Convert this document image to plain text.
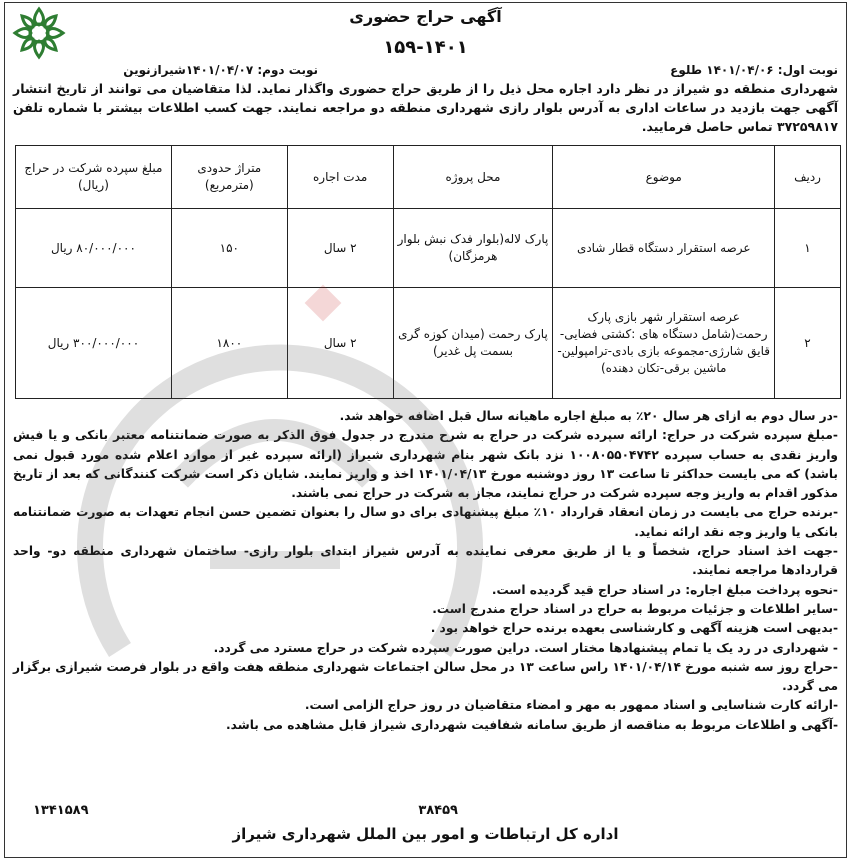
آگهی حراج حضوری
۱۵۹-۱۴۰۱
نوبت اول: ۱۴۰۱/۰۴/۰۶ طلوع
نوبت دوم: ۱۴۰۱/۰۴/۰۷شیرازنوین
شهرداری منطقه دو شیراز در نظر دارد اجاره محل ذیل را از طریق حراج حضوری واگذار نماید. لذا متقاضیان می توانند از تاریخ انتشار آگهی جهت بازدید در ساعات اداری به آدرس بلوار رازی شهرداری منطقه دو مراجعه نمایند. جهت کسب اطلاعات بیشتر با شماره تلفن ۳۷۲۵۹۸۱۷ تماس حاصل فرمایید.
ردیف	موضوع	محل پروژه	مدت اجاره	متراژ حدودی (مترمربع)	مبلغ سپرده شرکت در حراج (ریال)
۱	عرصه استقرار دستگاه قطار شادی	پارک لاله(بلوار فدک نبش بلوار هرمزگان)	۲ سال	۱۵۰	۸۰/۰۰۰/۰۰۰ ریال
۲	عرصه استقرار شهر بازی پارک رحمت(شامل دستگاه های :کشتی فضایی-قایق شارژی-مجموعه بازی بادی-ترامپولین-ماشین برقی-تکان دهنده)	پارک رحمت (میدان کوزه گری بسمت پل غدیر)	۲ سال	۱۸۰۰	۳۰۰/۰۰۰/۰۰۰ ریال

-در سال دوم به ازای هر سال ۲۰٪ به مبلغ اجاره ماهیانه سال قبل اضافه خواهد شد.

-مبلغ سپرده شرکت در حراج: ارائه سپرده شرکت در حراج به شرح مندرج در جدول فوق الذکر به صورت ضمانتنامه معتبر بانکی و یا فیش واریز نقدی به حساب سپرده ۱۰۰۸۰۵۵۰۴۷۴۲ نزد بانک شهر بنام شهرداری شیراز (ارائه سپرده غیر از موارد اعلام شده مورد قبول نمی باشد) که می بایست حداکثر تا ساعت ۱۳ روز دوشنبه مورخ ۱۴۰۱/۰۴/۱۳ اخذ و واریز نمایند. شایان ذکر است شرکت کنندگانی که بعد از تاریخ مذکور اقدام به واریز وجه سپرده شرکت در حراج نمایند، مجاز به شرکت در حراج نمی باشند.

-برنده حراج می بایست در زمان انعقاد قرارداد ۱۰٪ مبلغ پیشنهادی برای دو سال را بعنوان تضمین حسن انجام تعهدات به صورت ضمانتنامه بانکی یا واریز وجه نقد ارائه نماید.

-جهت اخذ اسناد حراج، شخصاً و یا از طریق معرفی نماینده به آدرس شیراز ابتدای بلوار رازی- ساختمان شهرداری منطقه دو- واحد قراردادها مراجعه نمایند.

-نحوه پرداخت مبلغ اجاره: در اسناد حراج قید گردیده است.

-سایر اطلاعات و جزئیات مربوط به حراج در اسناد حراج مندرج است.

-بدیهی است هزینه آگهی و کارشناسی بعهده برنده حراج خواهد بود .

- شهرداری در رد یک یا تمام پیشنهادها مختار است. دراین صورت سپرده شرکت در حراج مسترد می گردد.

-حراج روز سه شنبه مورخ ۱۴۰۱/۰۴/۱۴ راس ساعت ۱۳ در محل سالن اجتماعات شهرداری منطقه هفت واقع در بلوار فرصت شیرازی برگزار می گردد.

-ارائه کارت شناسایی و اسناد ممهور به مهر و امضاء متقاضیان در روز حراج الزامی است.

-آگهی و اطلاعات مربوط به مناقصه از طریق سامانه شفافیت شهرداری شیراز قابل مشاهده می باشد.

۳۸۴۵۹
۱۳۴۱۵۸۹
اداره کل ارتباطات و امور بین الملل شهرداری شیراز
